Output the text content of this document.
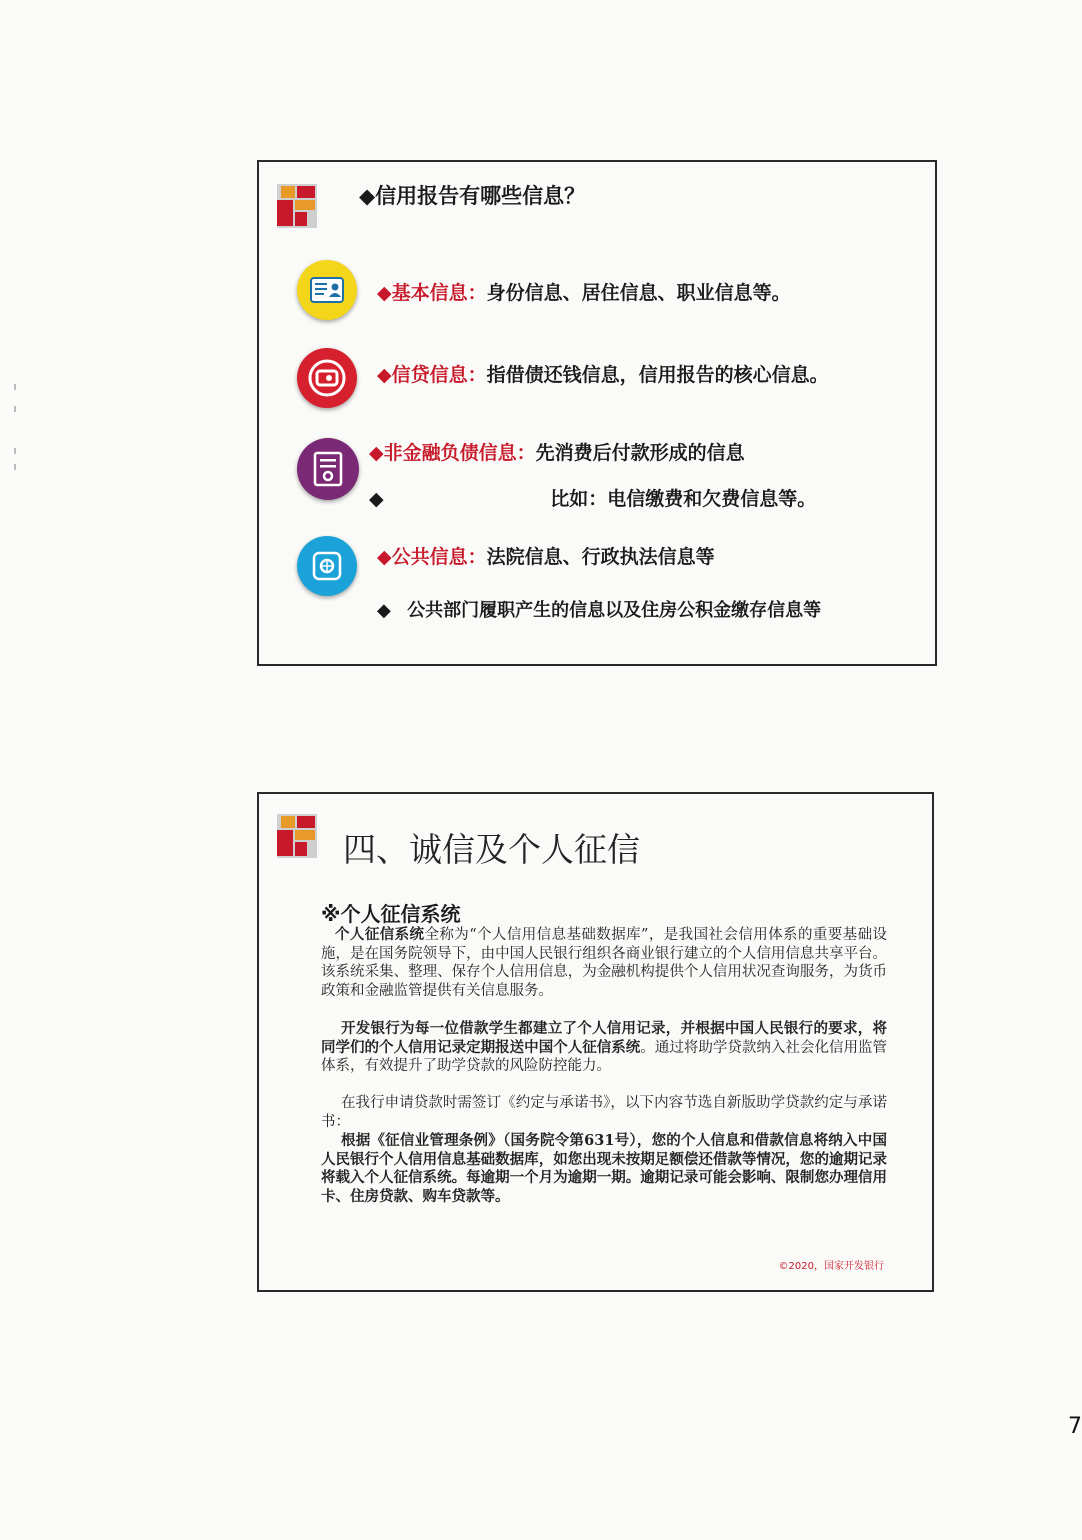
◆信用报告有哪些信息？
◆基本信息：身份信息、居住信息、职业信息等。
◆信贷信息：指借债还钱信息，信用报告的核心信息。
◆非金融负债信息：先消费后付款形成的信息
◆	比如：电信缴费和欠费信息等。
◆公共信息：法院信息、行政执法信息等
◆ 公共部门履职产生的信息以及住房公积金缴存信息等
四、诚信及个人征信
※个人征信系统

个人征信系统全称为“个人信用信息基础数据库”，是我国社会信用体系的重要基础设施，是在国务院领导下，由中国人民银行组织各商业银行建立的个人信用信息共享平台。该系统采集、整理、保存个人信用信息，为金融机构提供个人信用状况查询服务，为货币政策和金融监管提供有关信息服务。

开发银行为每一位借款学生都建立了个人信用记录，并根据中国人民银行的要求，将同学们的个人信用记录定期报送中国个人征信系统。通过将助学贷款纳入社会化信用监管体系，有效提升了助学贷款的风险防控能力。

在我行申请贷款时需签订《约定与承诺书》，以下内容节选自新版助学贷款约定与承诺书：

根据《征信业管理条例》（国务院令第631号），您的个人信息和借款信息将纳入中国人民银行个人信用信息基础数据库，如您出现未按期足额偿还借款等情况，您的逾期记录将载入个人征信系统。每逾期一个月为逾期一期。逾期记录可能会影响、限制您办理信用卡、住房贷款、购车贷款等。

©2020，国家开发银行
7
